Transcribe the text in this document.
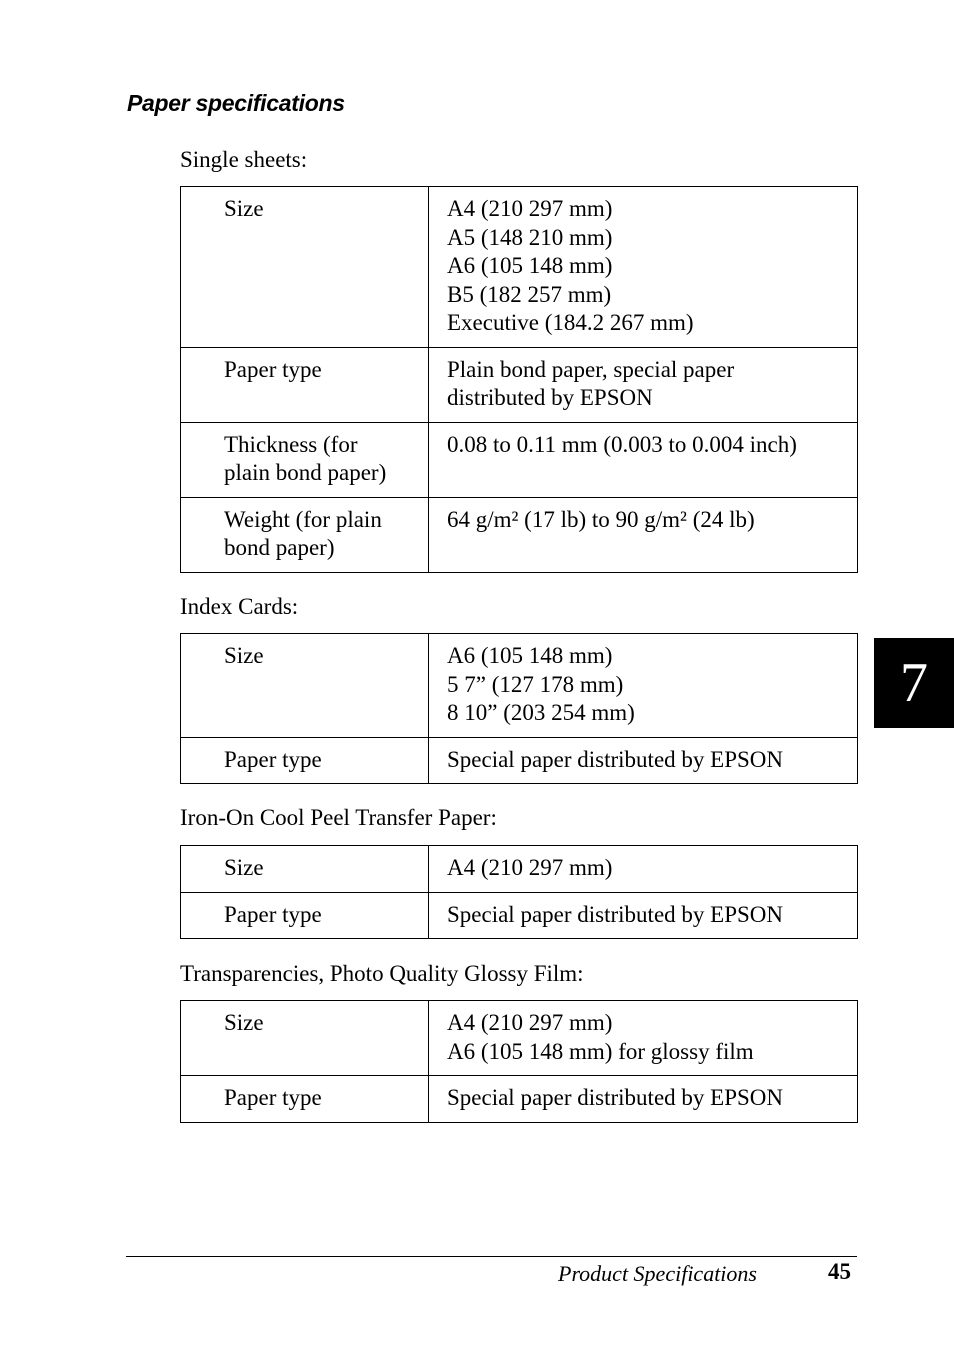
Paper specifications
Single sheets:
Size	A4 (210 297 mm)
A5 (148 210 mm)
A6 (105 148 mm)
B5 (182 257 mm)
Executive (184.2 267 mm)
Paper type	Plain bond paper, special paper
distributed by EPSON
Thickness (for
plain bond paper)	0.08 to 0.11 mm (0.003 to 0.004 inch)
Weight (for plain
bond paper)	64 g/m² (17 lb) to 90 g/m² (24 lb)
Index Cards:
Size	A6 (105 148 mm)
5 7” (127 178 mm)
8 10” (203 254 mm)
Paper type	Special paper distributed by EPSON
Iron-On Cool Peel Transfer Paper:
Size	A4 (210 297 mm)
Paper type	Special paper distributed by EPSON
Transparencies, Photo Quality Glossy Film:
Size	A4 (210 297 mm)
A6 (105 148 mm) for glossy film
Paper type	Special paper distributed by EPSON
7
Product Specifications	45
